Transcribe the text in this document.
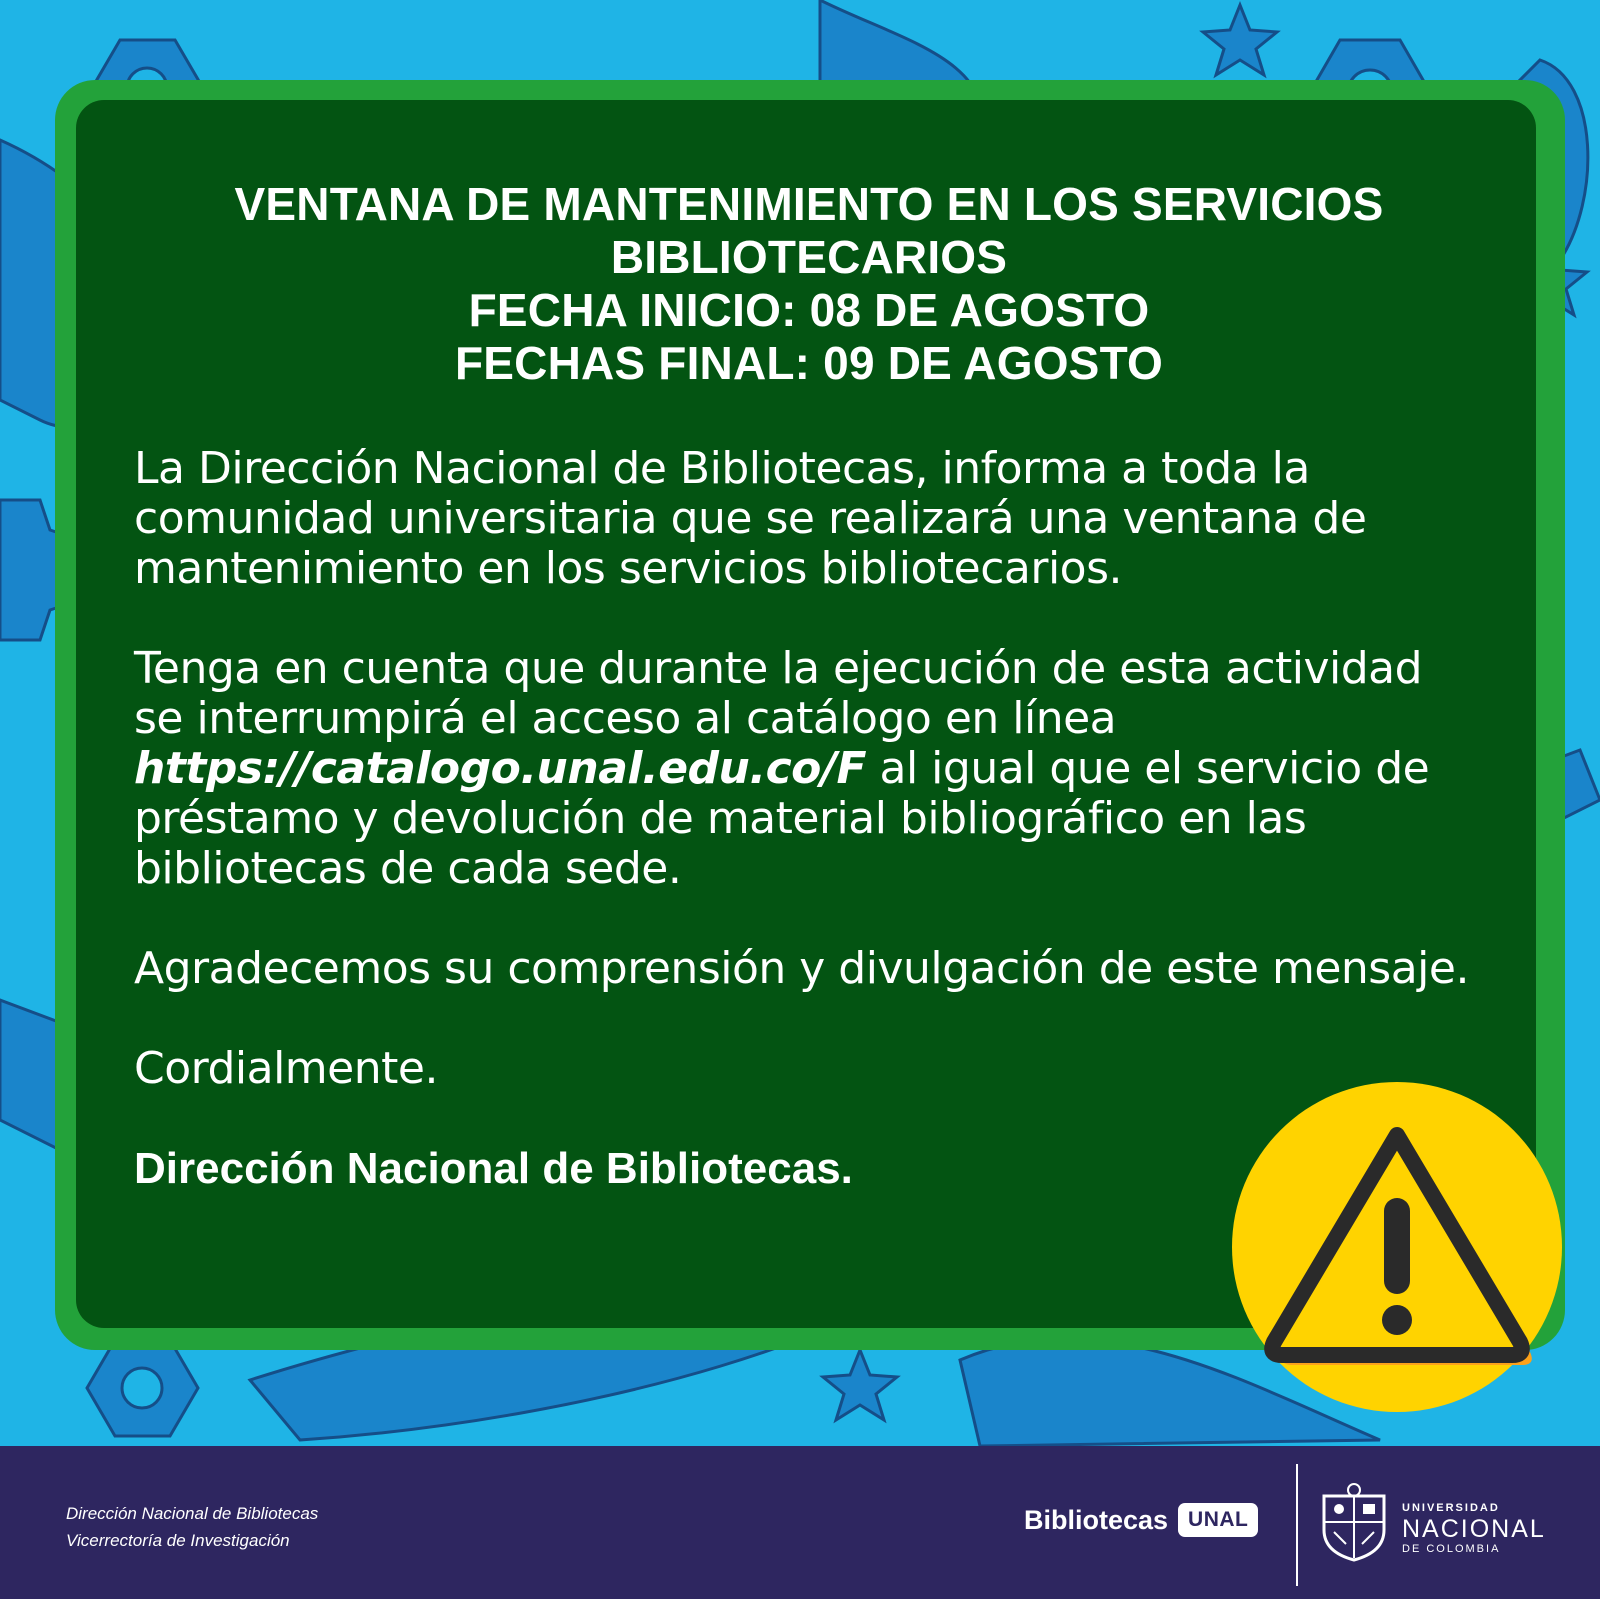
VENTANA DE MANTENIMIENTO EN LOS SERVICIOS
BIBLIOTECARIOS
FECHA INICIO: 08 DE AGOSTO
FECHAS FINAL: 09 DE AGOSTO

La Dirección Nacional de Bibliotecas, informa a toda la comunidad universitaria que se realizará una ventana de mantenimiento en los servicios bibliotecarios.

Tenga en cuenta que durante la ejecución de esta actividad se interrumpirá el acceso al catálogo en línea https://catalogo.unal.edu.co/F al igual que el servicio de préstamo y devolución de material bibliográfico en las bibliotecas de cada sede.

Agradecemos su comprensión y divulgación de este mensaje.

Cordialmente.

Dirección Nacional de Bibliotecas.

Dirección Nacional de Bibliotecas
Vicerrectoría de Investigación
Bibliotecas UNAL	UNIVERSIDAD
NACIONAL
DE COLOMBIA
